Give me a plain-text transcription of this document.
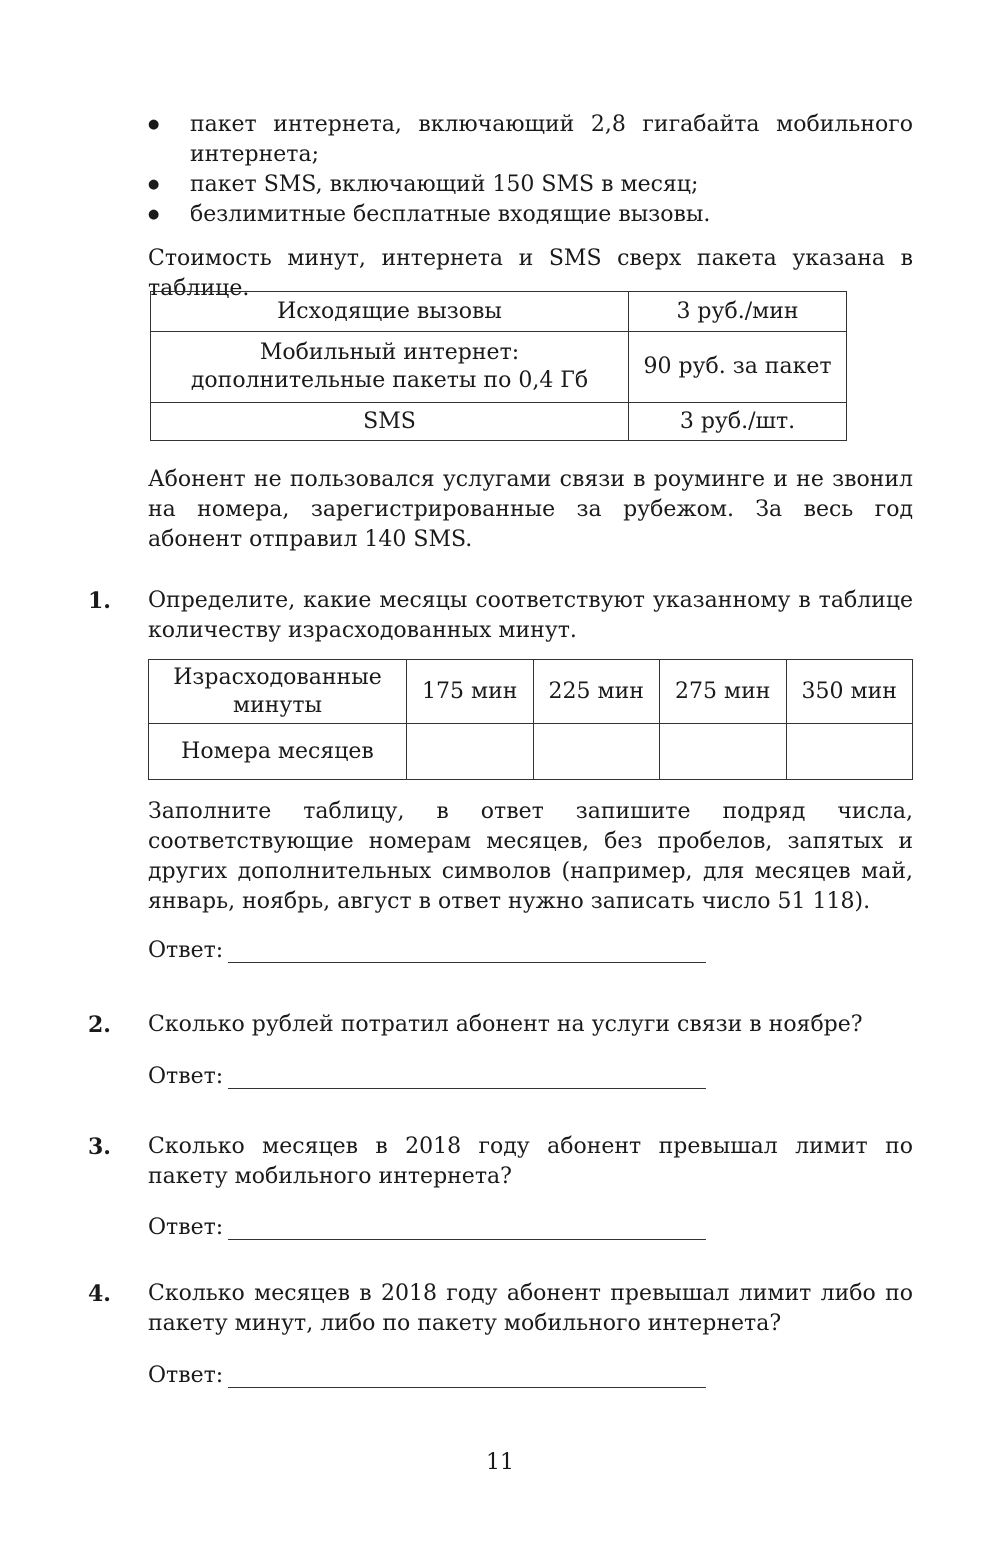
● пакет интернета, включающий 2,8 гигабайта мобильного интернета;
● пакет SMS, включающий 150 SMS в месяц;
● безлимитные бесплатные входящие вызовы.
Стоимость минут, интернета и SMS сверх пакета указана в таблице.
Исходящие вызовы	3 руб./мин

Мобильный интернет:
дополнительные пакеты по 0,4 Гб	90 руб. за пакет
SMS	3 руб./шт.
Абонент не пользовался услугами связи в роуминге и не звонил на номера, зарегистрированные за рубежом. За весь год абонент отправил 140 SMS.
1. Определите, какие месяцы соответствуют указанному в таблице количеству израсходованных минут.
Израсходованные
минуты	175 мин	225 мин	275 мин	350 мин
Номера месяцев				
Заполните таблицу, в ответ запишите подряд числа, соответствующие номерам месяцев, без пробелов, запятых и других дополнительных символов (например, для месяцев май, январь, ноябрь, август в ответ нужно записать число 51 118).
Ответ:
2. Сколько рублей потратил абонент на услуги связи в ноябре?
Ответ:
3. Сколько месяцев в 2018 году абонент превышал лимит по пакету мобильного интернета?
Ответ:
4. Сколько месяцев в 2018 году абонент превышал лимит либо по пакету минут, либо по пакету мобильного интернета?
Ответ:
11
